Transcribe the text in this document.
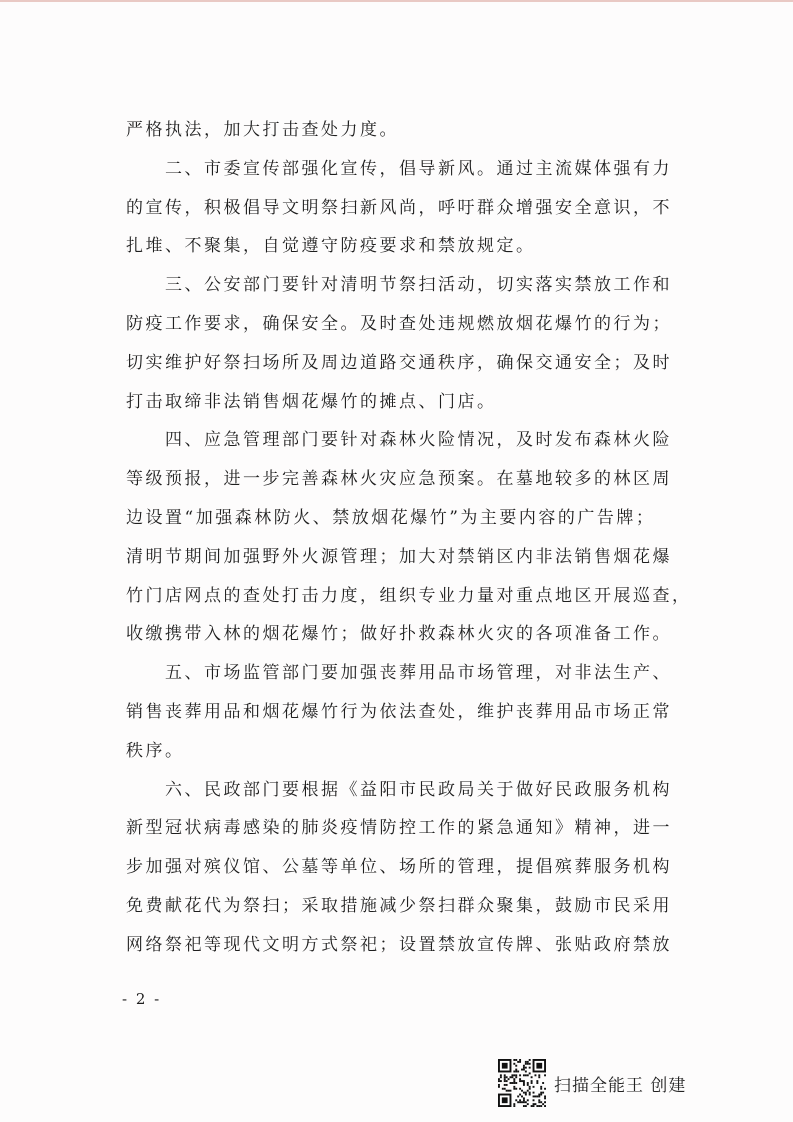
严格执法，加大打击查处力度。
二、市委宣传部强化宣传，倡导新风。通过主流媒体强有力
的宣传，积极倡导文明祭扫新风尚，呼吁群众增强安全意识，不
扎堆、不聚集，自觉遵守防疫要求和禁放规定。
三、公安部门要针对清明节祭扫活动，切实落实禁放工作和
防疫工作要求，确保安全。及时查处违规燃放烟花爆竹的行为；
切实维护好祭扫场所及周边道路交通秩序，确保交通安全；及时
打击取缔非法销售烟花爆竹的摊点、门店。
四、应急管理部门要针对森林火险情况，及时发布森林火险
等级预报，进一步完善森林火灾应急预案。在墓地较多的林区周
边设置“加强森林防火、禁放烟花爆竹”为主要内容的广告牌；
清明节期间加强野外火源管理；加大对禁销区内非法销售烟花爆
竹门店网点的查处打击力度，组织专业力量对重点地区开展巡查，
收缴携带入林的烟花爆竹；做好扑救森林火灾的各项准备工作。
五、市场监管部门要加强丧葬用品市场管理，对非法生产、
销售丧葬用品和烟花爆竹行为依法查处，维护丧葬用品市场正常
秩序。
六、民政部门要根据《益阳市民政局关于做好民政服务机构
新型冠状病毒感染的肺炎疫情防控工作的紧急通知》精神，进一
步加强对殡仪馆、公墓等单位、场所的管理，提倡殡葬服务机构
免费献花代为祭扫；采取措施减少祭扫群众聚集，鼓励市民采用
网络祭祀等现代文明方式祭祀；设置禁放宣传牌、张贴政府禁放
- 2 -
扫描全能王 创建
